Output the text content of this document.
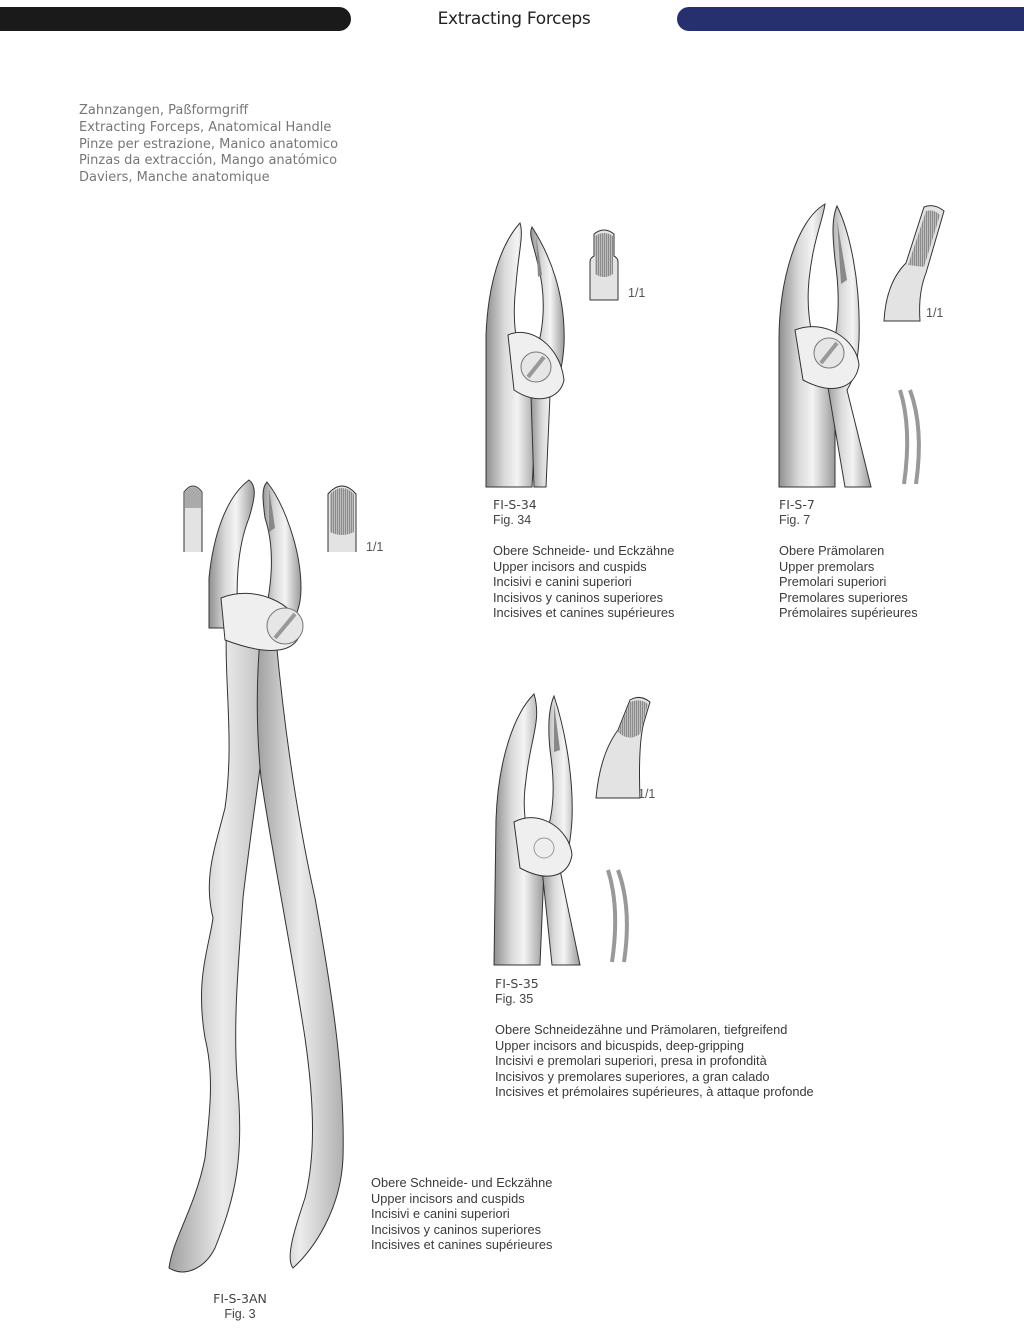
Extracting Forceps
Zahnzangen, Paßformgriff
Extracting Forceps, Anatomical Handle
Pinze per estrazione, Manico anatomico
Pinzas da extracción, Mango anatómico
Daviers, Manche anatomique
1/1
FI-S-34
Fig. 34
Obere Schneide- und Eckzähne
Upper incisors and cuspids
Incisivi e canini superiori
Incisivos y caninos superiores
Incisives et canines supérieures
1/1
FI-S-7
Fig. 7
Obere Prämolaren
Upper premolars
Premolari superiori
Premolares superiores
Prémolaires supérieures
1/1
FI-S-35
Fig. 35
Obere Schneidezähne und Prämolaren, tiefgreifend
Upper incisors and bicuspids, deep-gripping
Incisivi e premolari superiori, presa in profondità
Incisivos y premolares superiores, a gran calado
Incisives et prémolaires supérieures, à attaque profonde
1/1
Obere Schneide- und Eckzähne
Upper incisors and cuspids
Incisivi e canini superiori
Incisivos y caninos superiores
Incisives et canines supérieures
FI-S-3AN
Fig. 3
